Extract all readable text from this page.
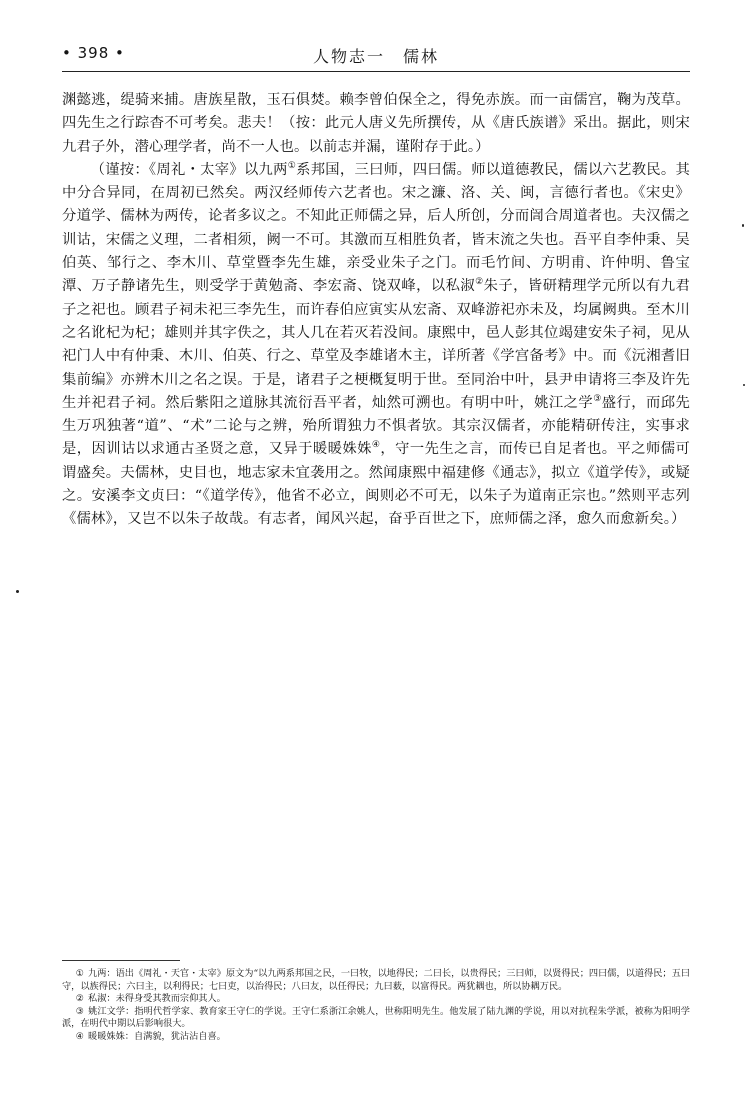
• 398 •	人物志一　儒林

渊懿逃，缇骑来捕。唐族星散，玉石俱焚。赖李曾伯保全之，得免赤族。而一亩儒宫，鞠为茂草。四先生之行踪杳不可考矣。悲夫！（按：此元人唐义先所撰传，从《唐氏族谱》采出。据此，则宋九君子外，潜心理学者，尚不一人也。以前志并漏，谨附存于此。）

（谨按：《周礼・太宰》以九两①系邦国，三曰师，四曰儒。师以道德教民，儒以六艺教民。其中分合异同，在周初已然矣。两汉经师传六艺者也。宋之濂、洛、关、闽，言德行者也。《宋史》分道学、儒林为两传，论者多议之。不知此正师儒之异，后人所创，分而訚合周道者也。夫汉儒之训诂，宋儒之义理，二者相须，阙一不可。其激而互相胜负者，皆末流之失也。吾平自李仲秉、吴伯英、邹行之、李木川、草堂暨李先生雄，亲受业朱子之门。而毛竹间、方明甫、许仲明、鲁宝潭、万子静诸先生，则受学于黄勉斋、李宏斋、饶双峰，以私淑②朱子，皆研精理学元所以有九君子之祀也。顾君子祠未祀三李先生，而许春伯应寅实从宏斋、双峰游祀亦未及，均属阙典。至木川之名讹杞为杞；雄则并其字佚之，其人几在若灭若没间。康熙中，邑人彭其位竭建安朱子祠，见从祀门人中有仲秉、木川、伯英、行之、草堂及李雄诸木主，详所著《学宫备考》中。而《沅湘耆旧集前编》亦辨木川之名之误。于是，诸君子之梗概复明于世。至同治中叶，县尹申请将三李及许先生并祀君子祠。然后紫阳之道脉其流衍吾平者，灿然可溯也。有明中叶，姚江之学③盛行，而邱先生万巩独著“道”、“术”二论与之辨，殆所谓独力不惧者欤。其宗汉儒者，亦能精研传注，实事求是，因训诂以求通古圣贤之意，又异于暖暖姝姝④，守一先生之言，而传已自足者也。平之师儒可谓盛矣。夫儒林，史目也，地志家未宜袭用之。然闻康熙中福建修《通志》，拟立《道学传》，或疑之。安溪李文贞曰：“《道学传》，他省不必立，闽则必不可无，以朱子为道南正宗也。”然则平志列《儒林》，又岂不以朱子故哉。有志者，闻风兴起，奋乎百世之下，庶师儒之泽，愈久而愈新矣。）

① 九两：语出《周礼・天官・太宰》原文为“以九两系邦国之民，一曰牧，以地得民；二曰长，以贵得民；三曰师，以贤得民；四曰儒，以道得民；五曰守，以族得民；六曰主，以利得民；七曰吏，以治得民；八曰友，以任得民；九曰薮，以富得民。两犹耦也，所以协耦万民。

② 私淑：未得身受其教而宗仰其人。

③ 姚江文学：指明代哲学家、教育家王守仁的学说。王守仁系浙江余姚人，世称阳明先生。他发展了陆九渊的学说，用以对抗程朱学派，被称为阳明学派，在明代中期以后影响很大。

④ 暖暖姝姝：自满貌，犹沾沾自喜。
